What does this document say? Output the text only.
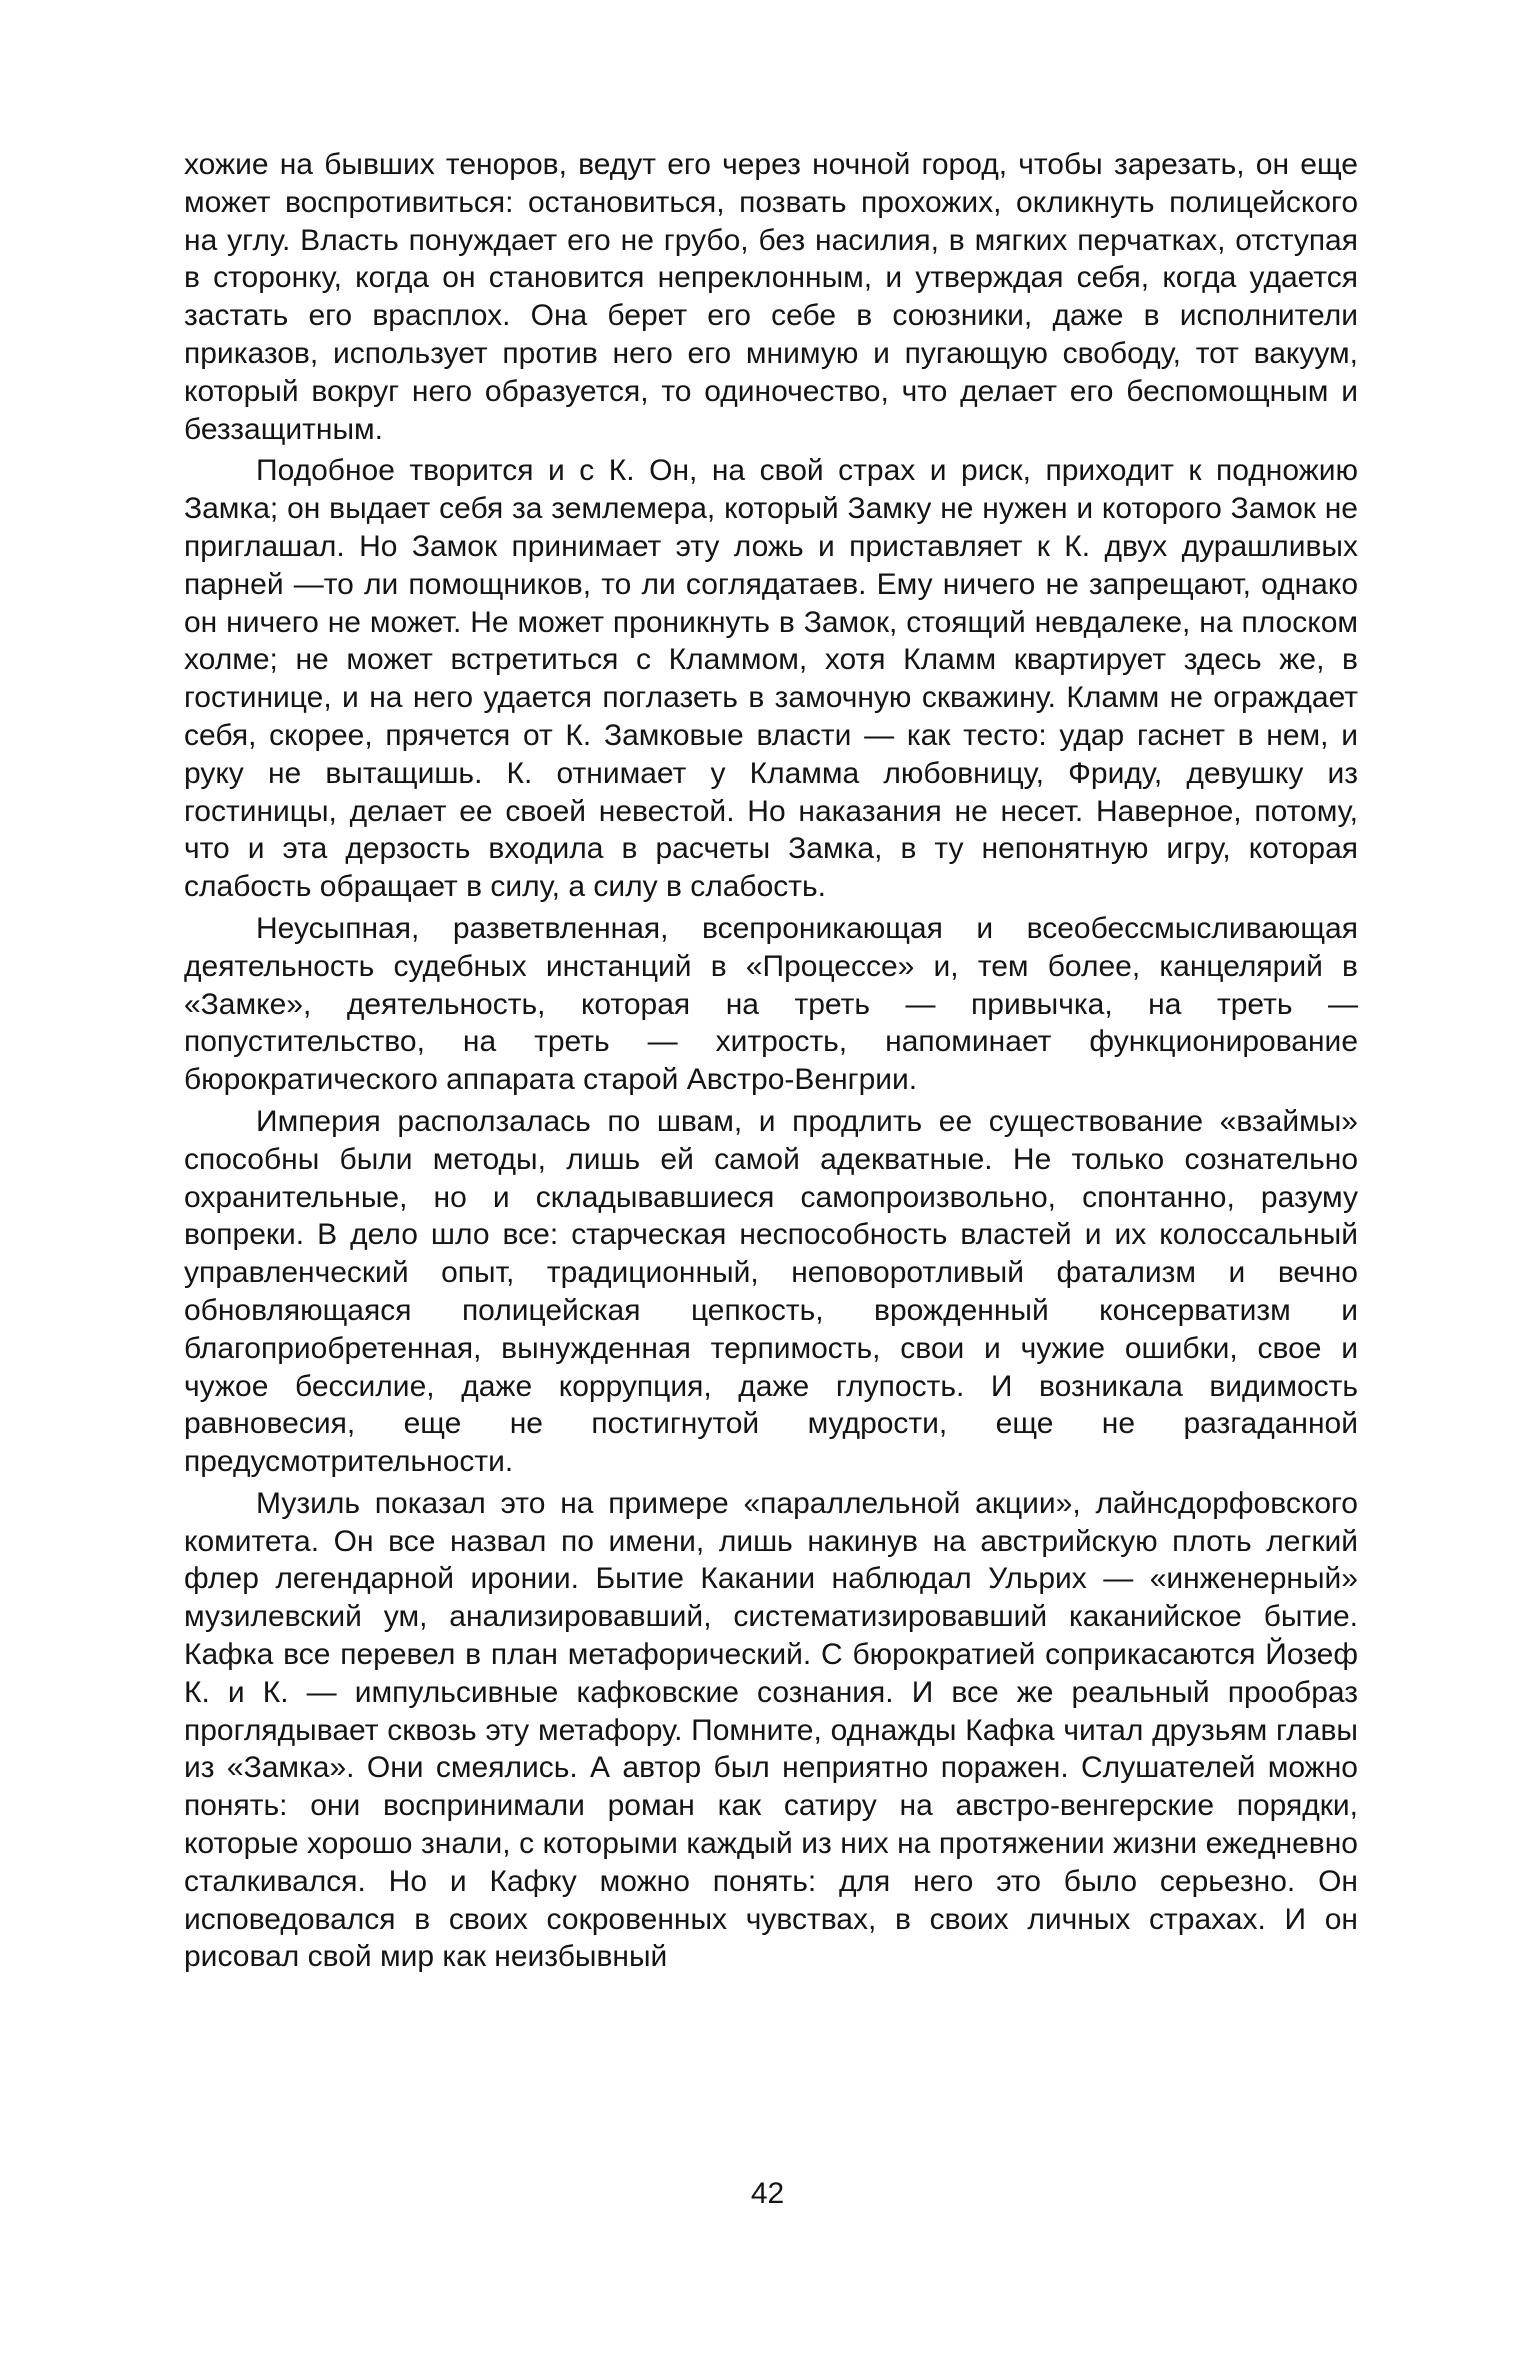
хожие на бывших теноров, ведут его через ночной город, чтобы зарезать, он еще может воспротивиться: остановиться, позвать прохожих, окликнуть полицейского на углу. Власть понуждает его не грубо, без насилия, в мягких перчатках, отступая в сторонку, когда он становится непреклонным, и утверждая себя, когда удается застать его врасплох. Она берет его себе в союзники, даже в исполнители приказов, использует против него его мнимую и пугающую свободу, тот вакуум, который вокруг него образуется, то одиночество, что делает его беспомощным и беззащитным.

Подобное творится и с К. Он, на свой страх и риск, приходит к подножию Замка; он выдает себя за землемера, который Замку не нужен и которого Замок не приглашал. Но Замок принимает эту ложь и приставляет к К. двух дурашливых парней —то ли помощников, то ли соглядатаев. Ему ничего не запрещают, однако он ничего не может. Не может проникнуть в Замок, стоящий невдалеке, на плоском холме; не может встретиться с Кламмом, хотя Кламм квартирует здесь же, в гостинице, и на него удается поглазеть в замочную скважину. Кламм не ограждает себя, скорее, прячется от К. Замковые власти — как тесто: удар гаснет в нем, и руку не вытащишь. К. отнимает у Кламма любовницу, Фриду, девушку из гостиницы, делает ее своей невестой. Но наказания не несет. Наверное, потому, что и эта дерзость входила в расчеты Замка, в ту непонятную игру, которая слабость обращает в силу, а силу в слабость.

Неусыпная, разветвленная, всепроникающая и всеобессмысливающая деятельность судебных инстанций в «Процессе» и, тем более, канцелярий в «Замке», деятельность, которая на треть — привычка, на треть — попустительство, на треть — хитрость, напоминает функционирование бюрократического аппарата старой Австро-Венгрии.

Империя расползалась по швам, и продлить ее существование «взаймы» способны были методы, лишь ей самой адекватные. Не только сознательно охранительные, но и складывавшиеся самопроизвольно, спонтанно, разуму вопреки. В дело шло все: старческая неспособность властей и их колоссальный управленческий опыт, традиционный, неповоротливый фатализм и вечно обновляющаяся полицейская цепкость, врожденный консерватизм и благоприобретенная, вынужденная терпимость, свои и чужие ошибки, свое и чужое бессилие, даже коррупция, даже глупость. И возникала видимость равновесия, еще не постигнутой мудрости, еще не разгаданной предусмотрительности.

Музиль показал это на примере «параллельной акции», лайнсдорфовского комитета. Он все назвал по имени, лишь накинув на австрийскую плоть легкий флер легендарной иронии. Бытие Какании наблюдал Ульрих — «инженерный» музилевский ум, анализировавший, систематизировавший каканийское бытие. Кафка все перевел в план метафорический. С бюрократией соприкасаются Йозеф К. и К. — импульсивные кафковские сознания. И все же реальный прообраз проглядывает сквозь эту метафору. Помните, однажды Кафка читал друзьям главы из «Замка». Они смеялись. А автор был неприятно поражен. Слушателей можно понять: они воспринимали роман как сатиру на австро-венгерские порядки, которые хорошо знали, с которыми каждый из них на протяжении жизни ежедневно сталкивался. Но и Кафку можно понять: для него это было серьезно. Он исповедовался в своих сокровенных чувствах, в своих личных страхах. И он рисовал свой мир как неизбывный

42
